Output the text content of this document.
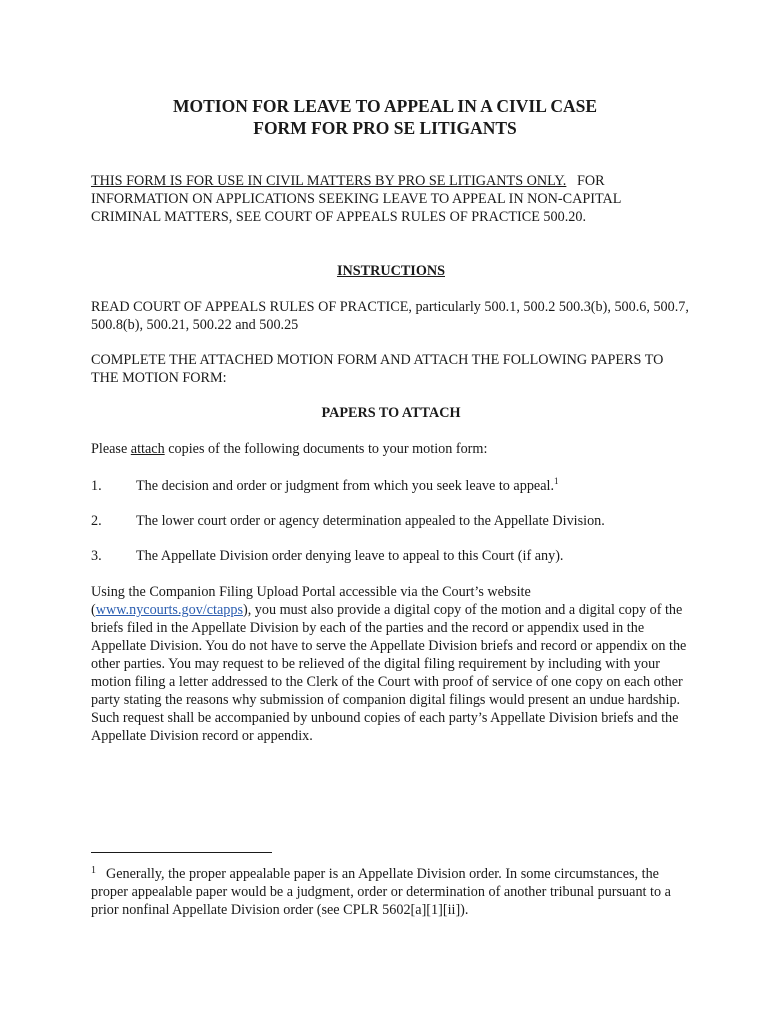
MOTION FOR LEAVE TO APPEAL IN A CIVIL CASE
FORM FOR PRO SE LITIGANTS
THIS FORM IS FOR USE IN CIVIL MATTERS BY PRO SE LITIGANTS ONLY. FOR INFORMATION ON APPLICATIONS SEEKING LEAVE TO APPEAL IN NON-CAPITAL CRIMINAL MATTERS, SEE COURT OF APPEALS RULES OF PRACTICE 500.20.
INSTRUCTIONS
READ COURT OF APPEALS RULES OF PRACTICE, particularly 500.1, 500.2 500.3(b), 500.6, 500.7, 500.8(b), 500.21, 500.22 and 500.25
COMPLETE THE ATTACHED MOTION FORM AND ATTACH THE FOLLOWING PAPERS TO THE MOTION FORM:
PAPERS TO ATTACH
Please attach copies of the following documents to your motion form:
1. The decision and order or judgment from which you seek leave to appeal.$^1$
2. The lower court order or agency determination appealed to the Appellate Division.
3. The Appellate Division order denying leave to appeal to this Court (if any).
Using the Companion Filing Upload Portal accessible via the Court’s website (www.nycourts.gov/ctapps), you must also provide a digital copy of the motion and a digital copy of the briefs filed in the Appellate Division by each of the parties and the record or appendix used in the Appellate Division. You do not have to serve the Appellate Division briefs and record or appendix on the other parties. You may request to be relieved of the digital filing requirement by including with your motion filing a letter addressed to the Clerk of the Court with proof of service of one copy on each other party stating the reasons why submission of companion digital filings would present an undue hardship. Such request shall be accompanied by unbound copies of each party’s Appellate Division briefs and the Appellate Division record or appendix.
$^1$ Generally, the proper appealable paper is an Appellate Division order. In some circumstances, the proper appealable paper would be a judgment, order or determination of another tribunal pursuant to a prior nonfinal Appellate Division order (see CPLR 5602[a][1][ii]).
